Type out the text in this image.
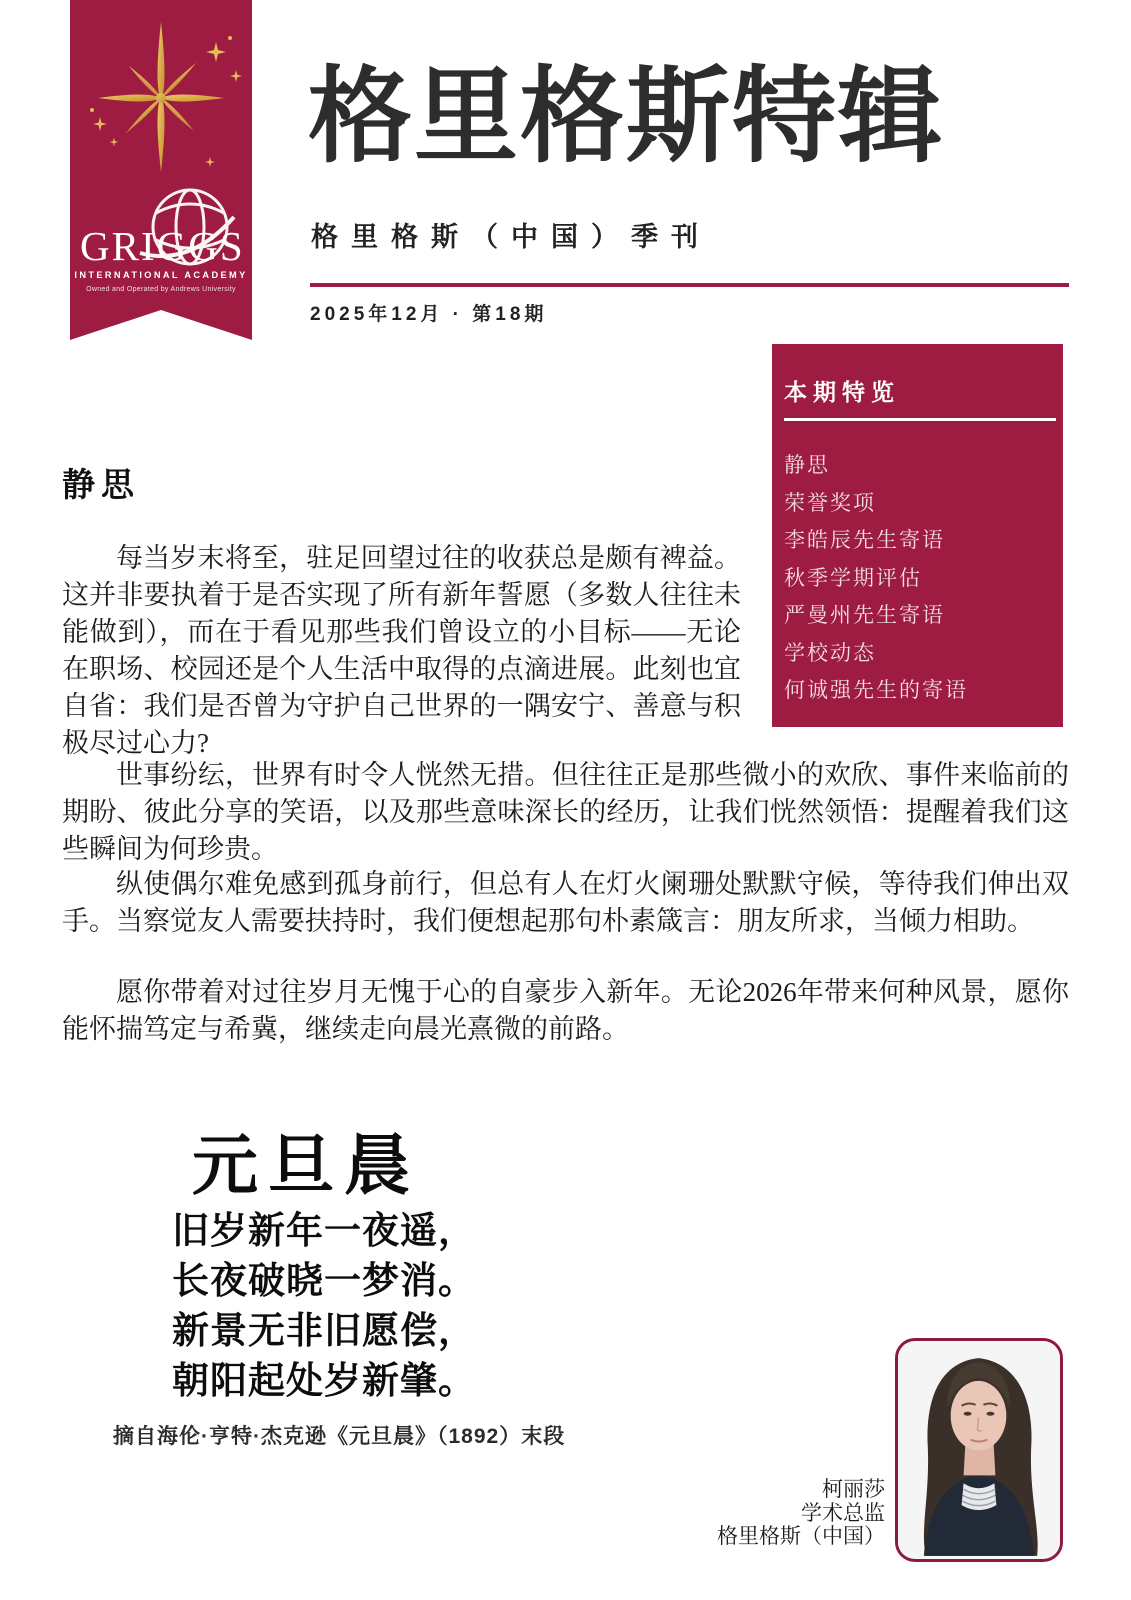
GRIGGS
INTERNATIONAL ACADEMY
Owned and Operated by Andrews University
格里格斯特辑
格里格斯（中国）季刊
2025年12月 · 第18期
本期特览
静思
荣誉奖项
李皓辰先生寄语
秋季学期评估
严曼州先生寄语
学校动态
何诚强先生的寄语
静思

每当岁末将至，驻足回望过往的收获总是颇有裨益。这并非要执着于是否实现了所有新年誓愿（多数人往往未能做到），而在于看见那些我们曾设立的小目标——无论在职场、校园还是个人生活中取得的点滴进展。此刻也宜自省：我们是否曾为守护自己世界的一隅安宁、善意与积极尽过心力?

世事纷纭，世界有时令人恍然无措。但往往正是那些微小的欢欣、事件来临前的期盼、彼此分享的笑语，以及那些意味深长的经历，让我们恍然领悟：提醒着我们这些瞬间为何珍贵。

纵使偶尔难免感到孤身前行，但总有人在灯火阑珊处默默守候，等待我们伸出双手。当察觉友人需要扶持时，我们便想起那句朴素箴言：朋友所求，当倾力相助。

愿你带着对过往岁月无愧于心的自豪步入新年。无论2026年带来何种风景，愿你能怀揣笃定与希冀，继续走向晨光熹微的前路。

元旦晨
旧岁新年一夜遥，
长夜破晓一梦消。
新景无非旧愿偿，
朝阳起处岁新肇。
摘自海伦·亨特·杰克逊《元旦晨》（1892）末段
柯丽莎
学术总监
格里格斯（中国）
